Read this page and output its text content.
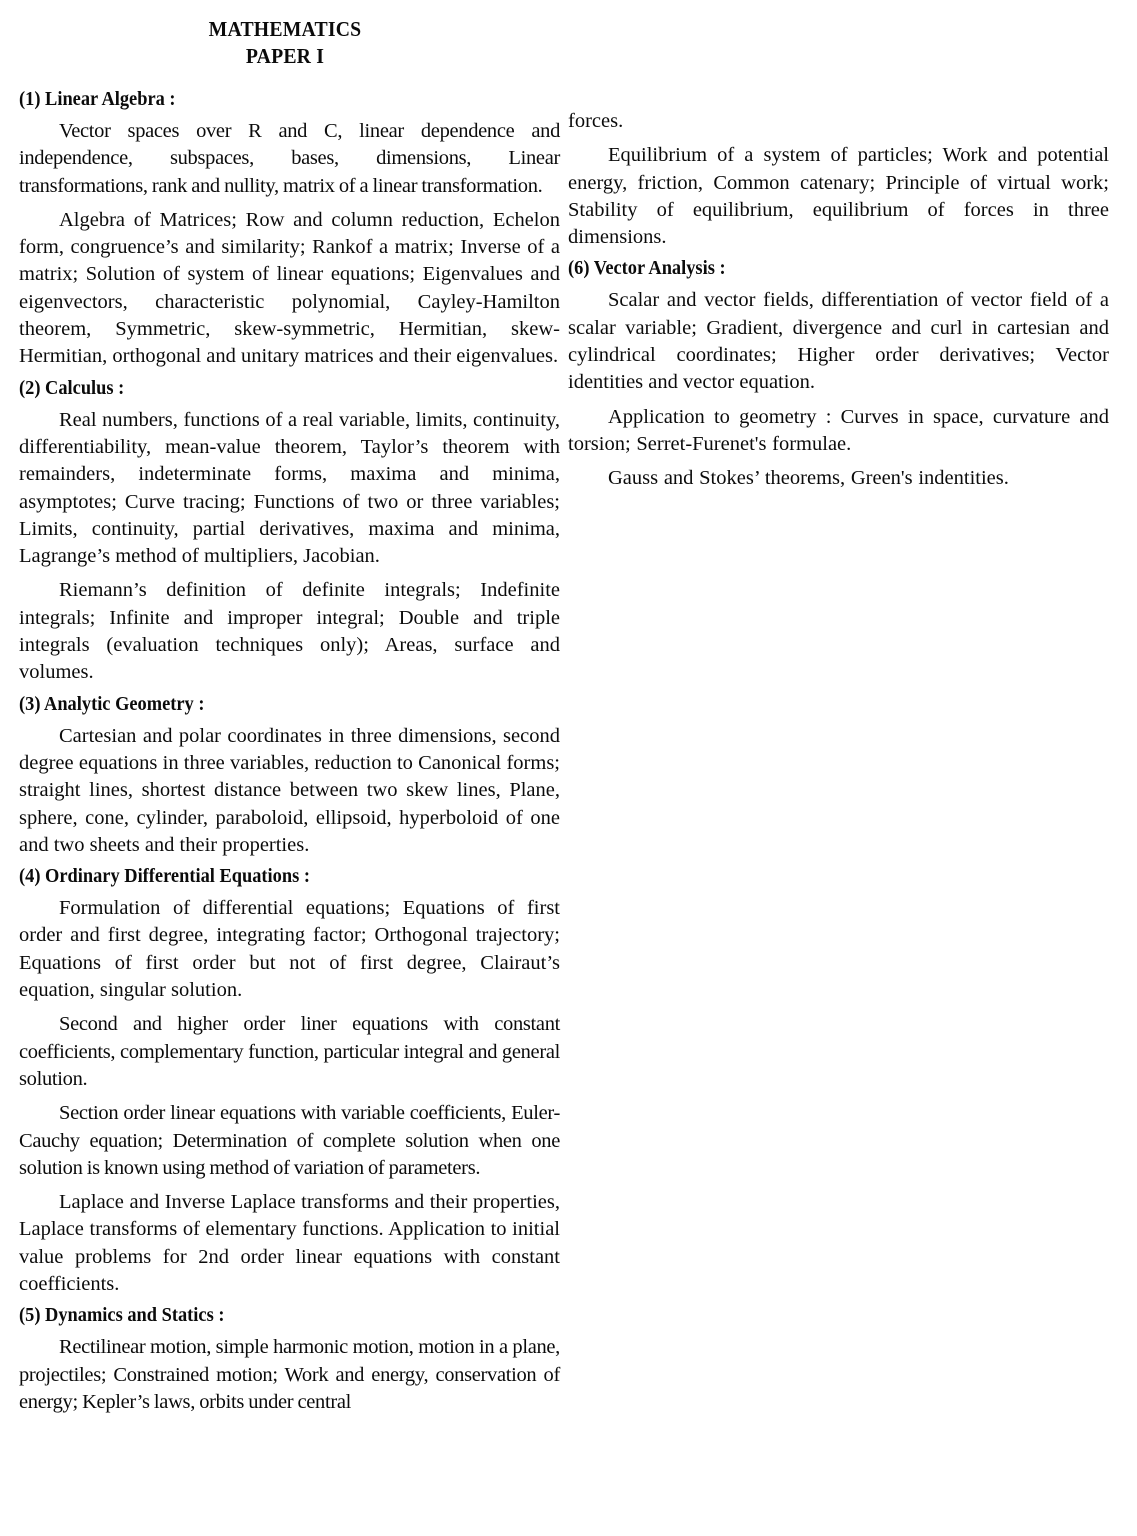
MATHEMATICS
PAPER I
(1) Linear Algebra :

Vector spaces over R and C, linear dependence and independence, subspaces, bases, dimensions, Linear transformations, rank and nullity, matrix of a linear transformation.

Algebra of Matrices; Row and column reduction, Echelon form, congruence’s and similarity; Rankof a matrix; Inverse of a matrix; Solution of system of linear equations; Eigenvalues and eigenvectors, characteristic polynomial, Cayley-Hamilton theorem, Symmetric, skew-symmetric, Hermitian, skew-Hermitian, orthogonal and unitary matrices and their eigenvalues.

(2) Calculus :

Real numbers, functions of a real variable, limits, continuity, differentiability, mean-value theorem, Taylor’s theorem with remainders, indeterminate forms, maxima and minima, asymptotes; Curve tracing; Functions of two or three variables; Limits, continuity, partial derivatives, maxima and minima, Lagrange’s method of multipliers, Jacobian.

Riemann’s definition of definite integrals; Indefinite integrals; Infinite and improper integral; Double and triple integrals (evaluation techniques only); Areas, surface and volumes.

(3) Analytic Geometry :

Cartesian and polar coordinates in three dimensions, second degree equations in three variables, reduction to Canonical forms; straight lines, shortest distance between two skew lines, Plane, sphere, cone, cylinder, paraboloid, ellipsoid, hyperboloid of one and two sheets and their properties.

(4) Ordinary Differential Equations :

Formulation of differential equations; Equations of first order and first degree, integrating factor; Orthogonal trajectory; Equations of first order but not of first degree, Clairaut’s equation, singular solution.

Second and higher order liner equations with constant coefficients, complementary function, particular integral and general solution.

Section order linear equations with variable coefficients, Euler-Cauchy equation; Determination of complete solution when one solution is known using method of variation of parameters.

Laplace and Inverse Laplace transforms and their properties, Laplace transforms of elementary functions. Application to initial value problems for 2nd order linear equations with constant coefficients.

(5) Dynamics and Statics :

Rectilinear motion, simple harmonic motion, motion in a plane, projectiles; Constrained motion; Work and energy, conservation of energy; Kepler’s laws, orbits under central

forces.

Equilibrium of a system of particles; Work and potential energy, friction, Common catenary; Principle of virtual work; Stability of equilibrium, equilibrium of forces in three dimensions.

(6) Vector Analysis :

Scalar and vector fields, differentiation of vector field of a scalar variable; Gradient, divergence and curl in cartesian and cylindrical coordinates; Higher order derivatives; Vector identities and vector equation.

Application to geometry : Curves in space, curvature and torsion; Serret-Furenet's formulae.

Gauss and Stokes’ theorems, Green's indentities.
